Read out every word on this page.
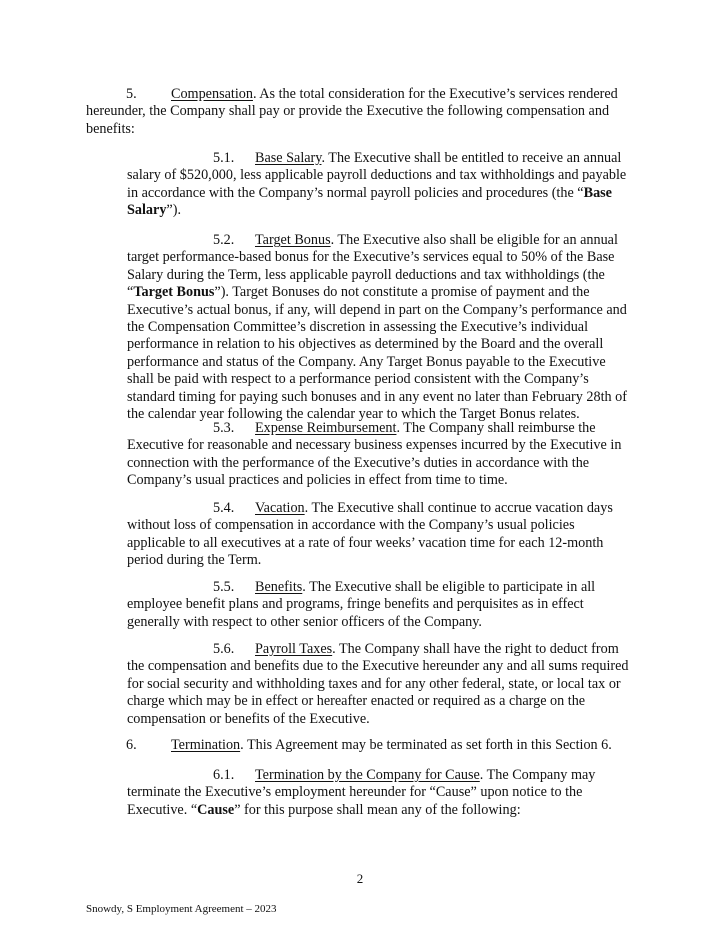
5. Compensation. As the total consideration for the Executive’s services rendered hereunder, the Company shall pay or provide the Executive the following compensation and benefits:

5.1. Base Salary. The Executive shall be entitled to receive an annual salary of $520,000, less applicable payroll deductions and tax withholdings and payable in accordance with the Company’s normal payroll policies and procedures (the “Base Salary”).

5.2. Target Bonus. The Executive also shall be eligible for an annual target performance-based bonus for the Executive’s services equal to 50% of the Base Salary during the Term, less applicable payroll deductions and tax withholdings (the “Target Bonus”). Target Bonuses do not constitute a promise of payment and the Executive’s actual bonus, if any, will depend in part on the Company’s performance and the Compensation Committee’s discretion in assessing the Executive’s individual performance in relation to his objectives as determined by the Board and the overall performance and status of the Company. Any Target Bonus payable to the Executive shall be paid with respect to a performance period consistent with the Company’s standard timing for paying such bonuses and in any event no later than February 28th of the calendar year following the calendar year to which the Target Bonus relates.

5.3. Expense Reimbursement. The Company shall reimburse the Executive for reasonable and necessary business expenses incurred by the Executive in connection with the performance of the Executive’s duties in accordance with the Company’s usual practices and policies in effect from time to time.

5.4. Vacation. The Executive shall continue to accrue vacation days without loss of compensation in accordance with the Company’s usual policies applicable to all executives at a rate of four weeks’ vacation time for each 12-month period during the Term.

5.5. Benefits. The Executive shall be eligible to participate in all employee benefit plans and programs, fringe benefits and perquisites as in effect generally with respect to other senior officers of the Company.

5.6. Payroll Taxes. The Company shall have the right to deduct from the compensation and benefits due to the Executive hereunder any and all sums required for social security and withholding taxes and for any other federal, state, or local tax or charge which may be in effect or hereafter enacted or required as a charge on the compensation or benefits of the Executive.

6. Termination. This Agreement may be terminated as set forth in this Section 6.

6.1. Termination by the Company for Cause. The Company may terminate the Executive’s employment hereunder for “Cause” upon notice to the Executive. “Cause” for this purpose shall mean any of the following:

2
Snowdy, S Employment Agreement – 2023
